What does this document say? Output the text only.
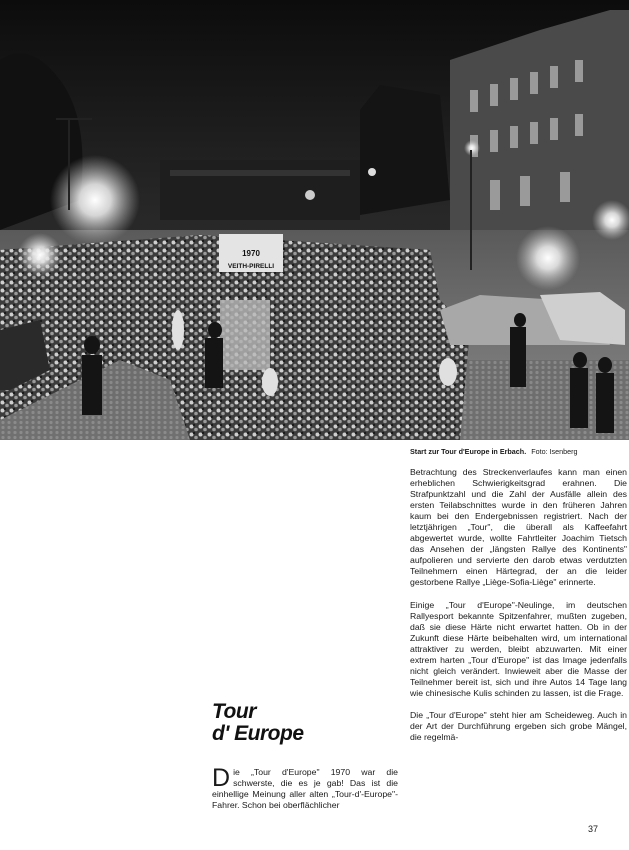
1970
VEITH-PIRELLI
Start zur Tour d'Europe in Erbach. Foto: Isenberg

Betrachtung des Streckenverlaufes kann man einen erheblichen Schwierigkeitsgrad erahnen. Die Strafpunktzahl und die Zahl der Ausfälle allein des ersten Teilabschnittes wurde in den früheren Jahren kaum bei den Endergebnissen registriert. Nach der letztjährigen „Tour", die überall als Kaffeefahrt abgewertet wurde, wollte Fahrtleiter Joachim Tietsch das Ansehen der „längsten Rallye des Kontinents" aufpolieren und servierte den darob etwas verdutzten Teilnehmern einen Härtegrad, der an die leider gestorbene Rallye „Liège-Sofia-Liège" erinnerte.

Einige „Tour d'Europe"-Neulinge, im deutschen Rallyesport bekannte Spitzenfahrer, mußten zugeben, daß sie diese Härte nicht erwartet hatten. Ob in der Zukunft diese Härte beibehalten wird, um international attraktiver zu werden, bleibt abzuwarten. Mit einer extrem harten „Tour d'Europe" ist das Image jedenfalls nicht gleich verändert. Inwieweit aber die Masse der Teilnehmer bereit ist, sich und ihre Autos 14 Tage lang wie chinesische Kulis schinden zu lassen, ist die Frage.

Die „Tour d'Europe" steht hier am Scheideweg. Auch in der Art der Durchführung ergeben sich grobe Mängel, die regelmä-

Tour
d' Europe

Die „Tour d'Europe" 1970 war die schwerste, die es je gab! Das ist die einhellige Meinung aller alten „Tour-d'-Europe"-Fahrer. Schon bei oberflächlicher

37
